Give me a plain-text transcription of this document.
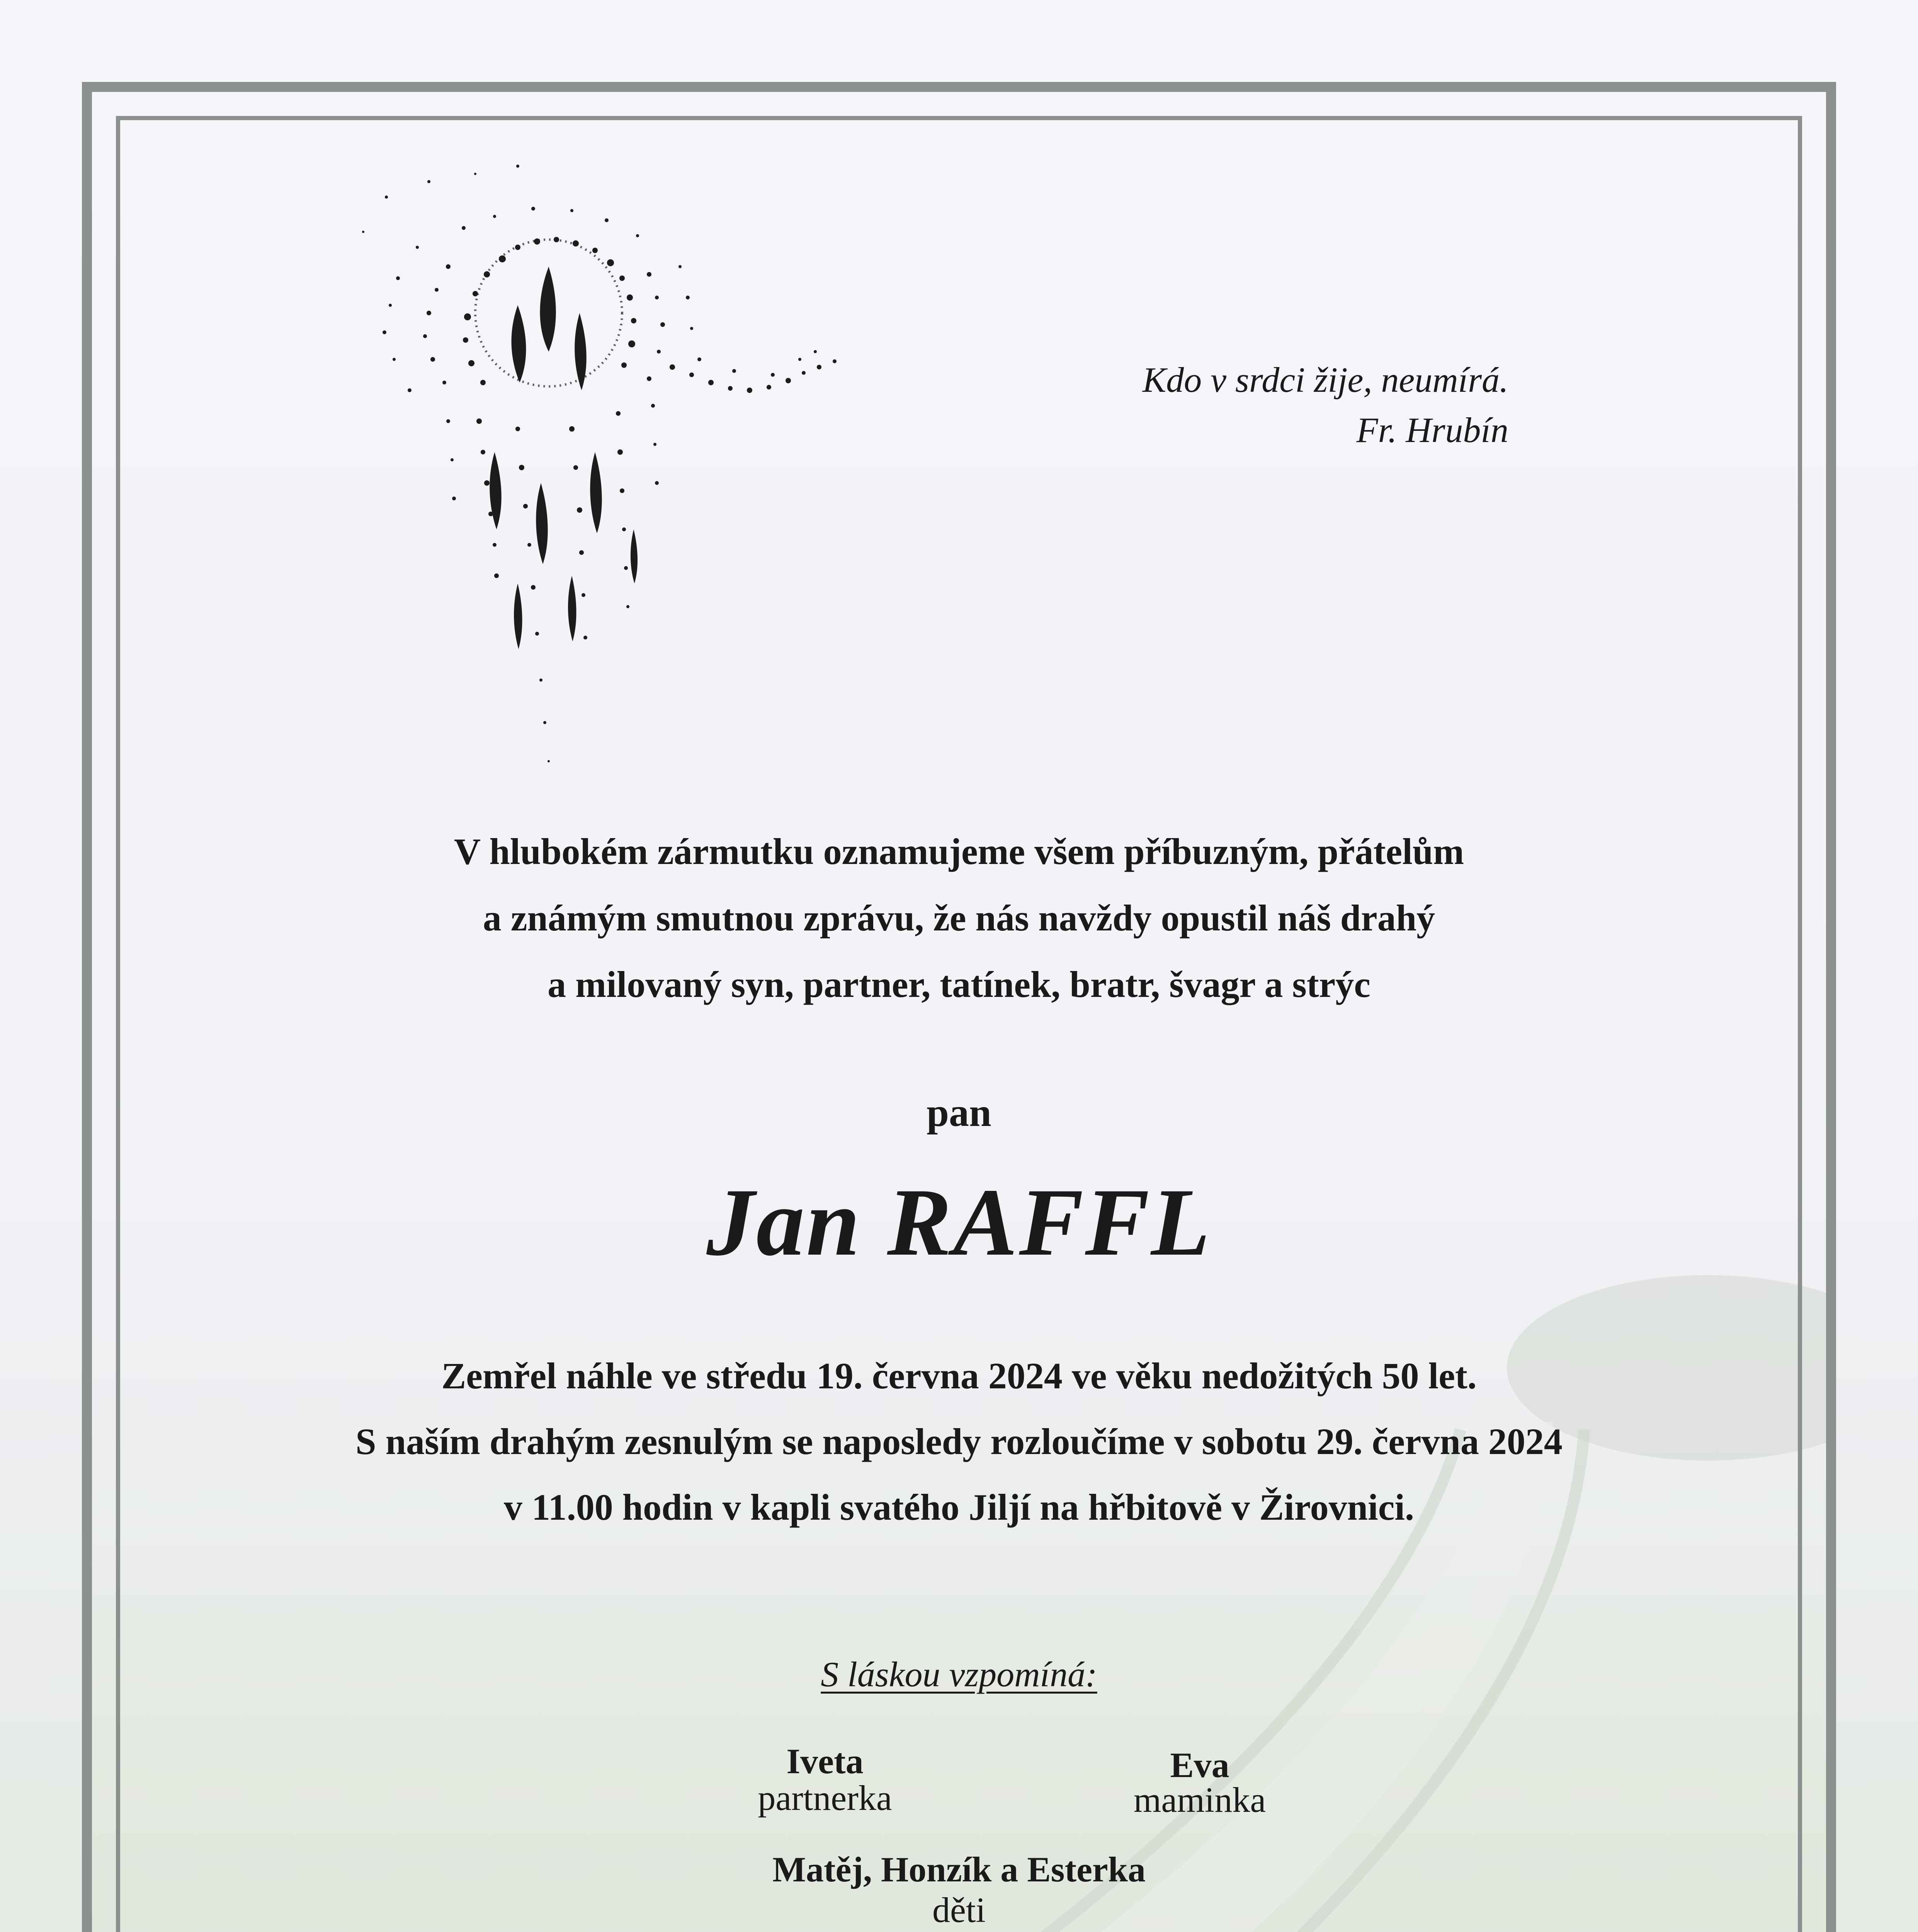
Kdo v srdci žije, neumírá.
Fr. Hrubín
V hlubokém zármutku oznamujeme všem příbuzným, přátelům
a známým smutnou zprávu, že nás navždy opustil náš drahý
a milovaný syn, partner, tatínek, bratr, švagr a strýc
pan
Jan RAFFL
Zemřel náhle ve středu 19. června 2024 ve věku nedožitých 50 let.
S naším drahým zesnulým se naposledy rozloučíme v sobotu 29. června 2024
v 11.00 hodin v kapli svatého Jiljí na hřbitově v Žirovnici.
S láskou vzpomíná:
Iveta
partnerka
Eva
maminka
Matěj, Honzík a Esterka
děti
